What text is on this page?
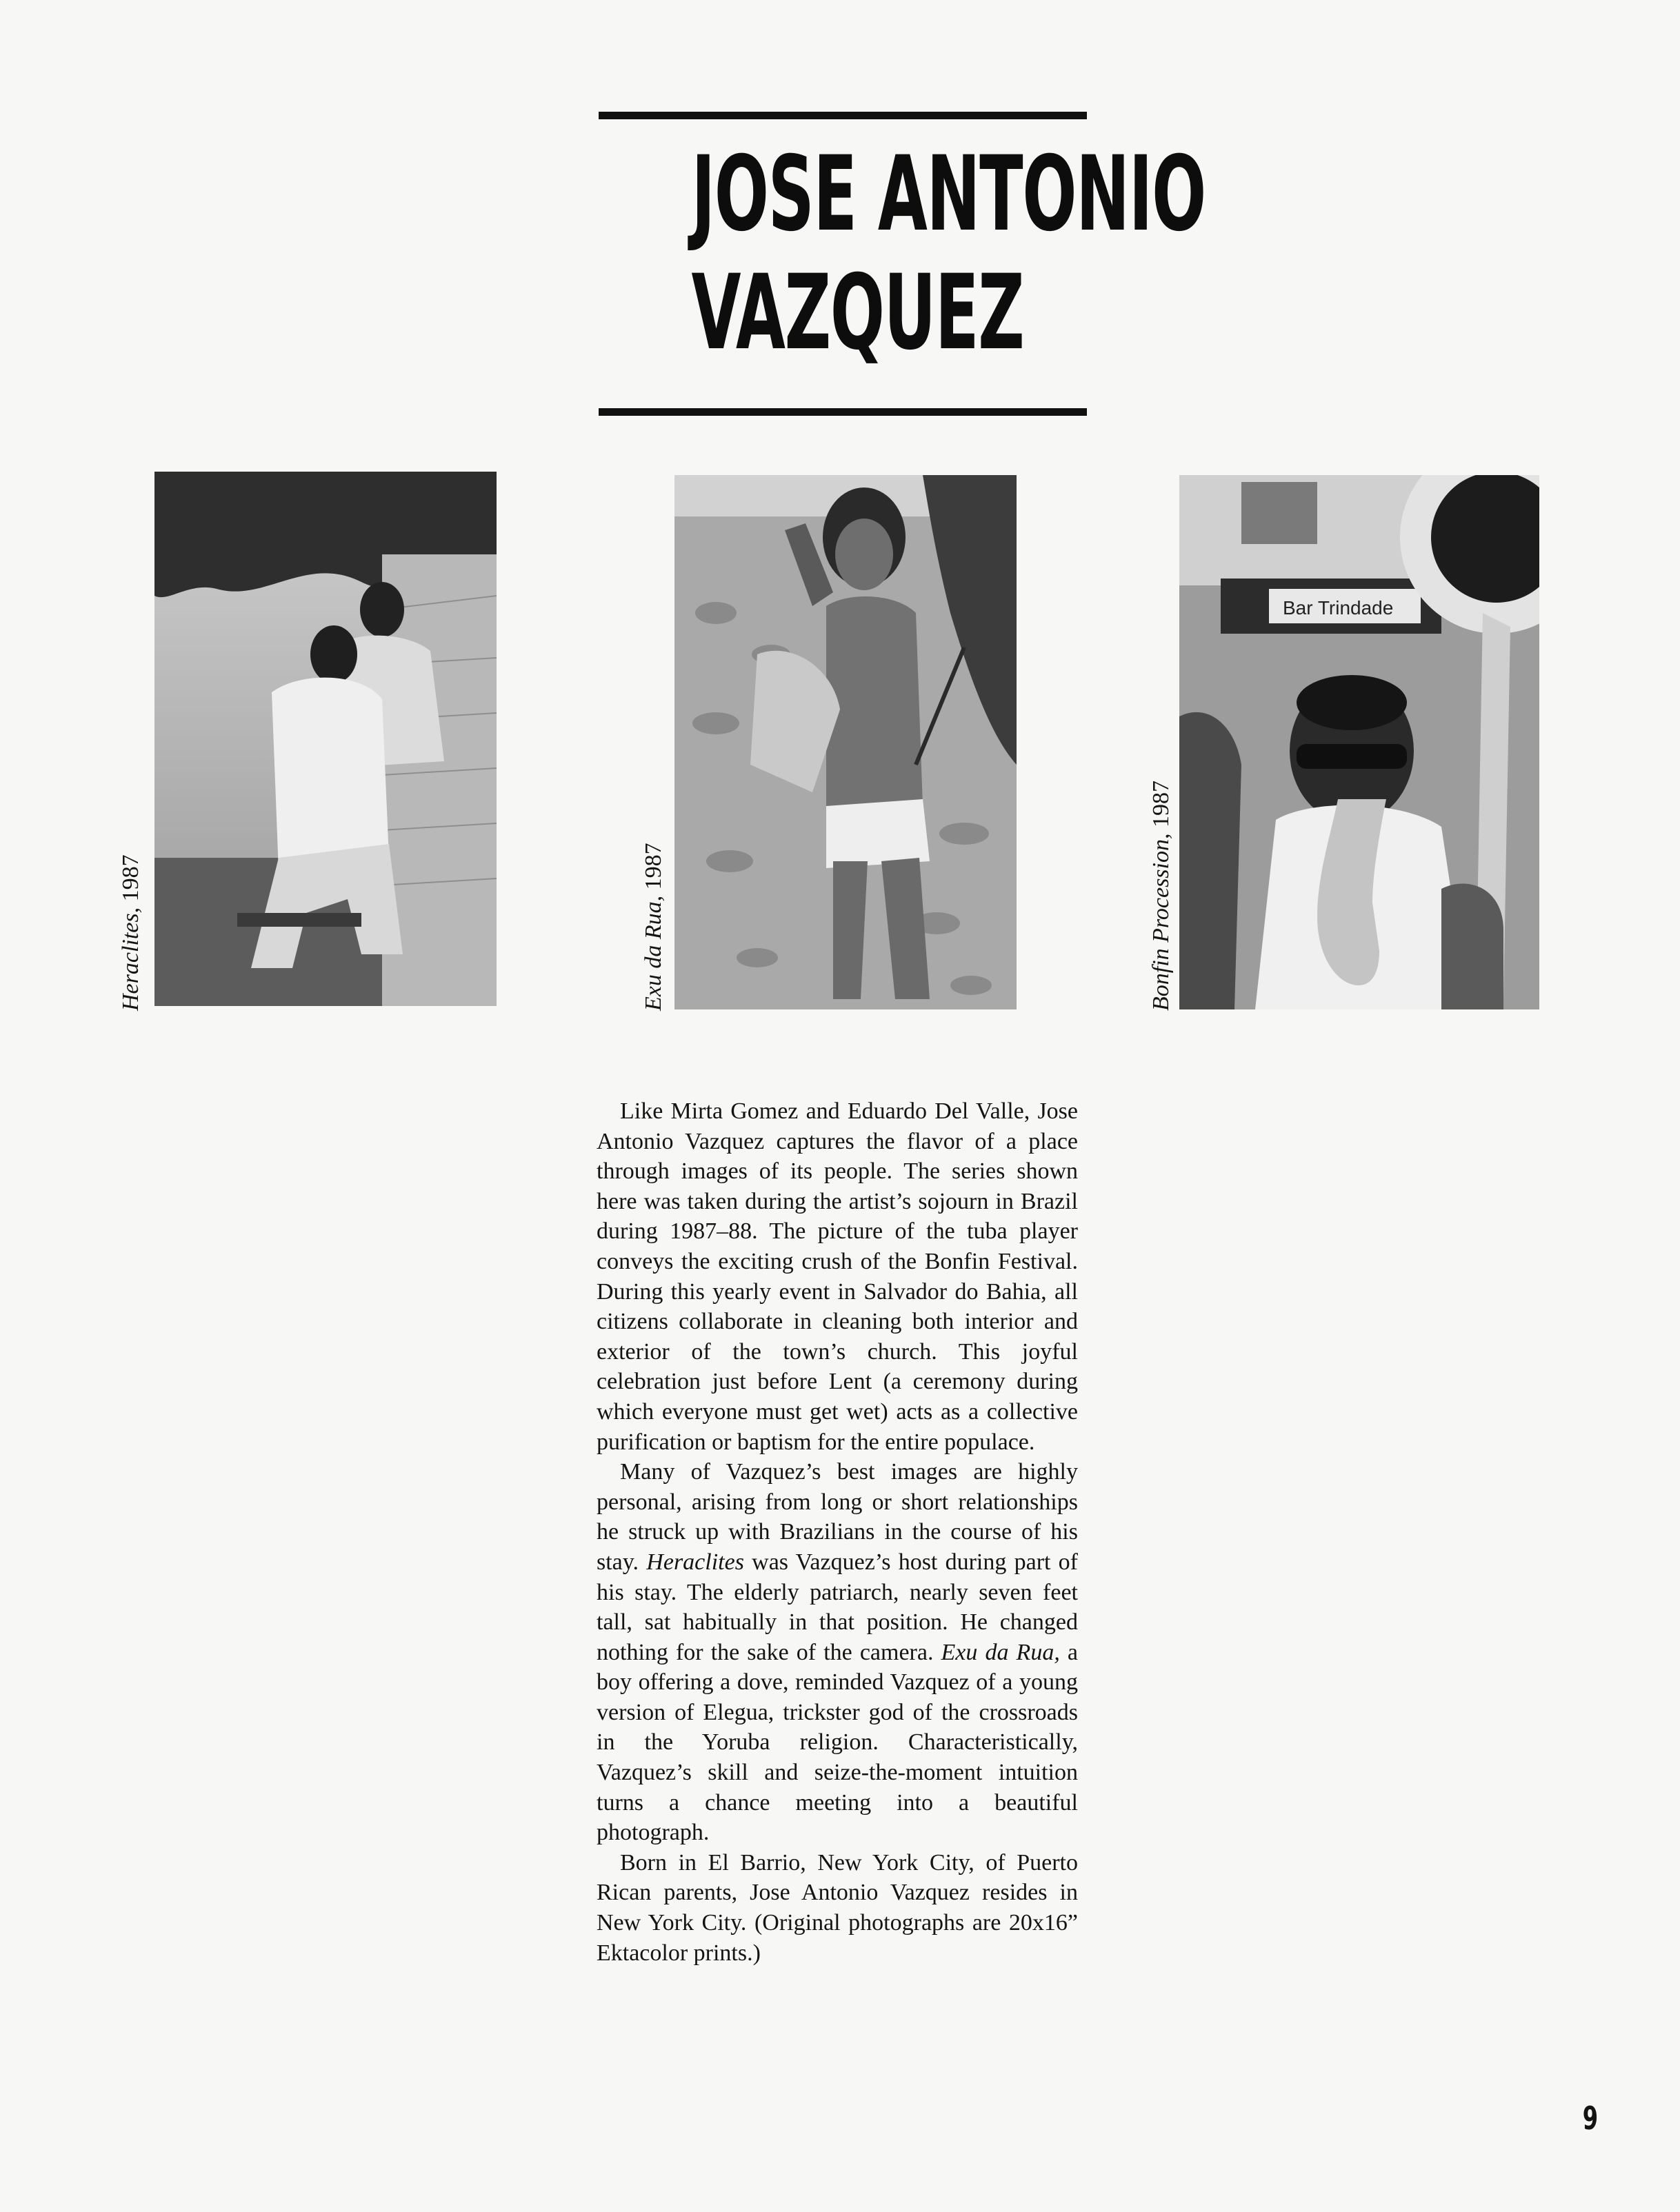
JOSE ANTONIO
VAZQUEZ
Heraclites, 1987
Exu da Rua, 1987
Bar Trindade
Bonfin Procession, 1987

Like Mirta Gomez and Eduardo Del Valle, Jose Antonio Vazquez captures the flavor of a place through images of its people. The series shown here was taken during the artist’s sojourn in Brazil during 1987–88. The picture of the tuba player conveys the exciting crush of the Bonfin Festival. During this yearly event in Salvador do Bahia, all citizens collaborate in cleaning both interior and exterior of the town’s church. This joyful celebration just before Lent (a ceremony during which everyone must get wet) acts as a collective purification or baptism for the entire populace.

Many of Vazquez’s best images are highly personal, arising from long or short relationships he struck up with Brazilians in the course of his stay. Heraclites was Vazquez’s host during part of his stay. The elderly patriarch, nearly seven feet tall, sat habitually in that position. He changed nothing for the sake of the camera. Exu da Rua, a boy offering a dove, reminded Vazquez of a young version of Elegua, trickster god of the crossroads in the Yoruba religion. Characteristically, Vazquez’s skill and seize-the-moment intuition turns a chance meeting into a beautiful photograph.

Born in El Barrio, New York City, of Puerto Rican parents, Jose Antonio Vazquez resides in New York City. (Original photographs are 20x16” Ektacolor prints.)

9
